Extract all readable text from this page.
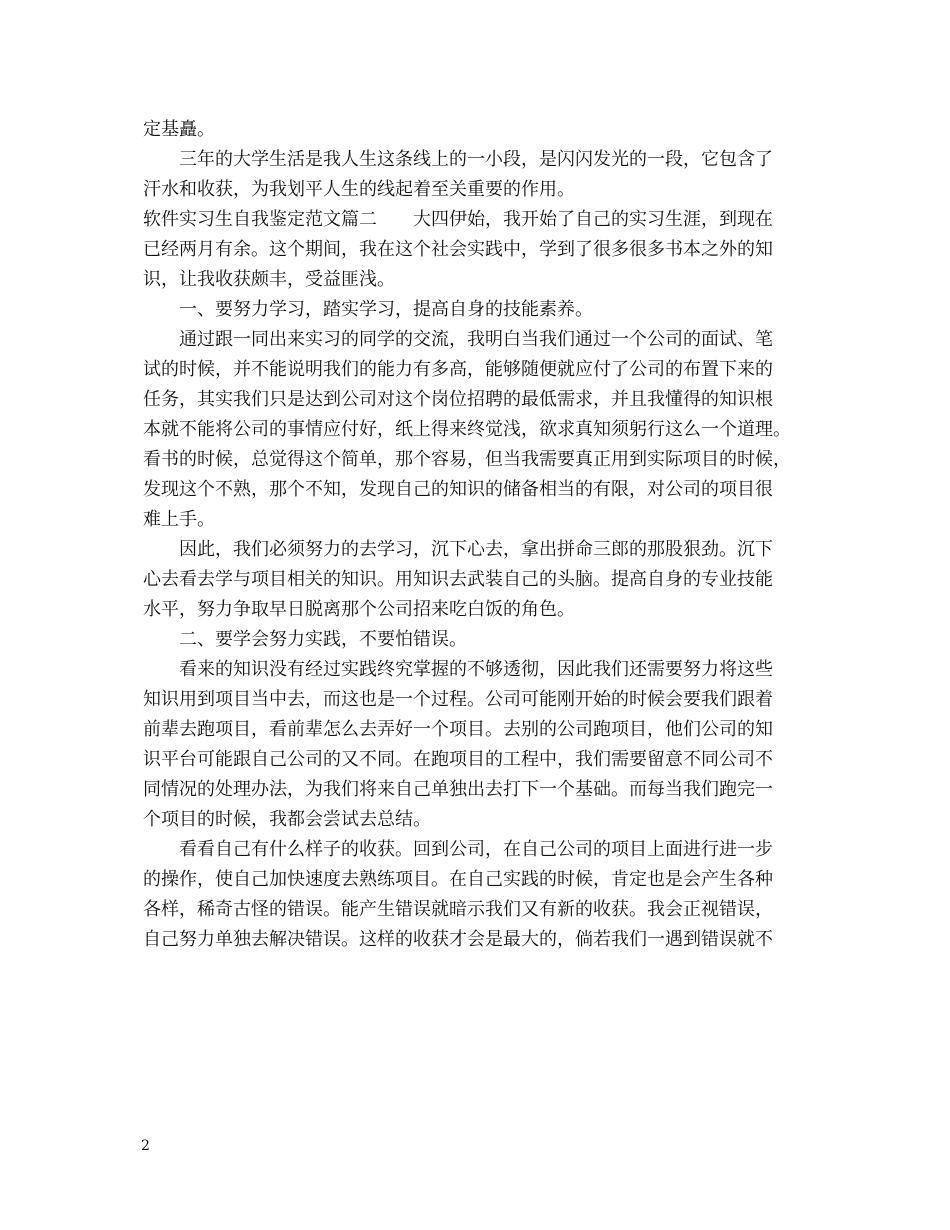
定基矗。
三年的大学生活是我人生这条线上的一小段，是闪闪发光的一段，它包含了
汗水和收获，为我划平人生的线起着至关重要的作用。
软件实习生自我鉴定范文篇二　　大四伊始，我开始了自己的实习生涯，到现在
已经两月有余。这个期间，我在这个社会实践中，学到了很多很多书本之外的知
识，让我收获颇丰，受益匪浅。
一、要努力学习，踏实学习，提高自身的技能素养。
通过跟一同出来实习的同学的交流，我明白当我们通过一个公司的面试、笔
试的时候，并不能说明我们的能力有多高，能够随便就应付了公司的布置下来的
任务，其实我们只是达到公司对这个岗位招聘的最低需求，并且我懂得的知识根
本就不能将公司的事情应付好，纸上得来终觉浅，欲求真知须躬行这么一个道理。
看书的时候，总觉得这个简单，那个容易，但当我需要真正用到实际项目的时候，
发现这个不熟，那个不知，发现自己的知识的储备相当的有限，对公司的项目很
难上手。
因此，我们必须努力的去学习，沉下心去，拿出拼命三郎的那股狠劲。沉下
心去看去学与项目相关的知识。用知识去武装自己的头脑。提高自身的专业技能
水平，努力争取早日脱离那个公司招来吃白饭的角色。
二、要学会努力实践，不要怕错误。
看来的知识没有经过实践终究掌握的不够透彻，因此我们还需要努力将这些
知识用到项目当中去，而这也是一个过程。公司可能刚开始的时候会要我们跟着
前辈去跑项目，看前辈怎么去弄好一个项目。去别的公司跑项目，他们公司的知
识平台可能跟自己公司的又不同。在跑项目的工程中，我们需要留意不同公司不
同情况的处理办法，为我们将来自己单独出去打下一个基础。而每当我们跑完一
个项目的时候，我都会尝试去总结。
看看自己有什么样子的收获。回到公司，在自己公司的项目上面进行进一步
的操作，使自己加快速度去熟练项目。在自己实践的时候，肯定也是会产生各种
各样，稀奇古怪的错误。能产生错误就暗示我们又有新的收获。我会正视错误，
自己努力单独去解决错误。这样的收获才会是最大的，倘若我们一遇到错误就不
2
